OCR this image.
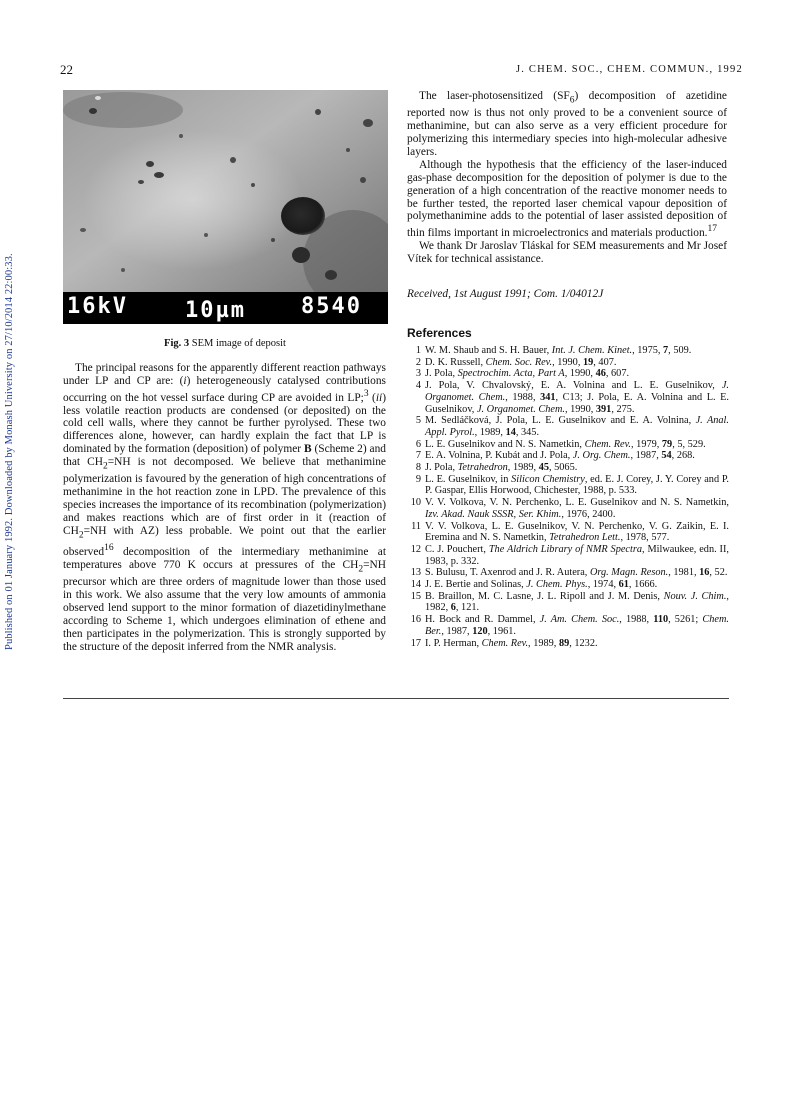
Published on 01 January 1992. Downloaded by Monash University on 27/10/2014 22:00:33.
22	J. CHEM. SOC., CHEM. COMMUN., 1992
16kV	10µm	8540
Fig. 3 SEM image of deposit

The principal reasons for the apparently different reaction pathways under LP and CP are: (i) heterogeneously catalysed contributions occurring on the hot vessel surface during CP are avoided in LP;$^3$ (ii) less volatile reaction products are condensed (or deposited) on the cold cell walls, where they cannot be further pyrolysed. These two differences alone, however, can hardly explain the fact that LP is dominated by the formation (deposition) of polymer B (Scheme 2) and that $CH_2=NH$ is not decomposed. We believe that methanimine polymerization is favoured by the generation of high concentrations of methanimine in the hot reaction zone in LPD. The prevalence of this species increases the importance of its recombination (polymerization) and makes reactions which are of first order in it (reaction of $CH_2=NH$ with AZ) less probable. We point out that the earlier observed$^{16}$ decomposition of the intermediary methanimine at temperatures above 770 K occurs at pressures of the $CH_2=NH$ precursor which are three orders of magnitude lower than those used in this work. We also assume that the very low amounts of ammonia observed lend support to the minor formation of diazetidinylmethane according to Scheme 1, which undergoes elimination of ethene and then participates in the polymerization. This is strongly supported by the structure of the deposit inferred from the NMR analysis.

The laser-photosensitized $(SF_6)$ decomposition of azetidine reported now is thus not only proved to be a convenient source of methanimine, but can also serve as a very efficient procedure for polymerizing this intermediary species into high-molecular adhesive layers.

Although the hypothesis that the efficiency of the laser-induced gas-phase decomposition for the deposition of polymer is due to the generation of a high concentration of the reactive monomer needs to be further tested, the reported laser chemical vapour deposition of polymethanimine adds to the potential of laser assisted deposition of thin films important in microelectronics and materials production.$^{17}$

We thank Dr Jaroslav Tláskal for SEM measurements and Mr Josef Vítek for technical assistance.

Received, 1st August 1991; Com. 1/04012J
References
1 W. M. Shaub and S. H. Bauer, Int. J. Chem. Kinet., 1975, 7, 509.
2 D. K. Russell, Chem. Soc. Rev., 1990, 19, 407.
3 J. Pola, Spectrochim. Acta, Part A, 1990, 46, 607.
4 J. Pola, V. Chvalovský, E. A. Volnina and L. E. Guselnikov, J. Organomet. Chem., 1988, 341, C13; J. Pola, E. A. Volnina and L. E. Guselnikov, J. Organomet. Chem., 1990, 391, 275.
5 M. Sedláčková, J. Pola, L. E. Guselnikov and E. A. Volnina, J. Anal. Appl. Pyrol., 1989, 14, 345.
6 L. E. Guselnikov and N. S. Nametkin, Chem. Rev., 1979, 79, 5, 529.
7 E. A. Volnina, P. Kubát and J. Pola, J. Org. Chem., 1987, 54, 268.
8 J. Pola, Tetrahedron, 1989, 45, 5065.
9 L. E. Guselnikov, in Silicon Chemistry, ed. E. J. Corey, J. Y. Corey and P. P. Gaspar, Ellis Horwood, Chichester, 1988, p. 533.
10 V. V. Volkova, V. N. Perchenko, L. E. Guselnikov and N. S. Nametkin, Izv. Akad. Nauk SSSR, Ser. Khim., 1976, 2400.
11 V. V. Volkova, L. E. Guselnikov, V. N. Perchenko, V. G. Zaikin, E. I. Eremina and N. S. Nametkin, Tetrahedron Lett., 1978, 577.
12 C. J. Pouchert, The Aldrich Library of NMR Spectra, Milwaukee, edn. II, 1983, p. 332.
13 S. Bulusu, T. Axenrod and J. R. Autera, Org. Magn. Reson., 1981, 16, 52.
14 J. E. Bertie and Solinas, J. Chem. Phys., 1974, 61, 1666.
15 B. Braillon, M. C. Lasne, J. L. Ripoll and J. M. Denis, Nouv. J. Chim., 1982, 6, 121.
16 H. Bock and R. Dammel, J. Am. Chem. Soc., 1988, 110, 5261; Chem. Ber., 1987, 120, 1961.
17 I. P. Herman, Chem. Rev., 1989, 89, 1232.
